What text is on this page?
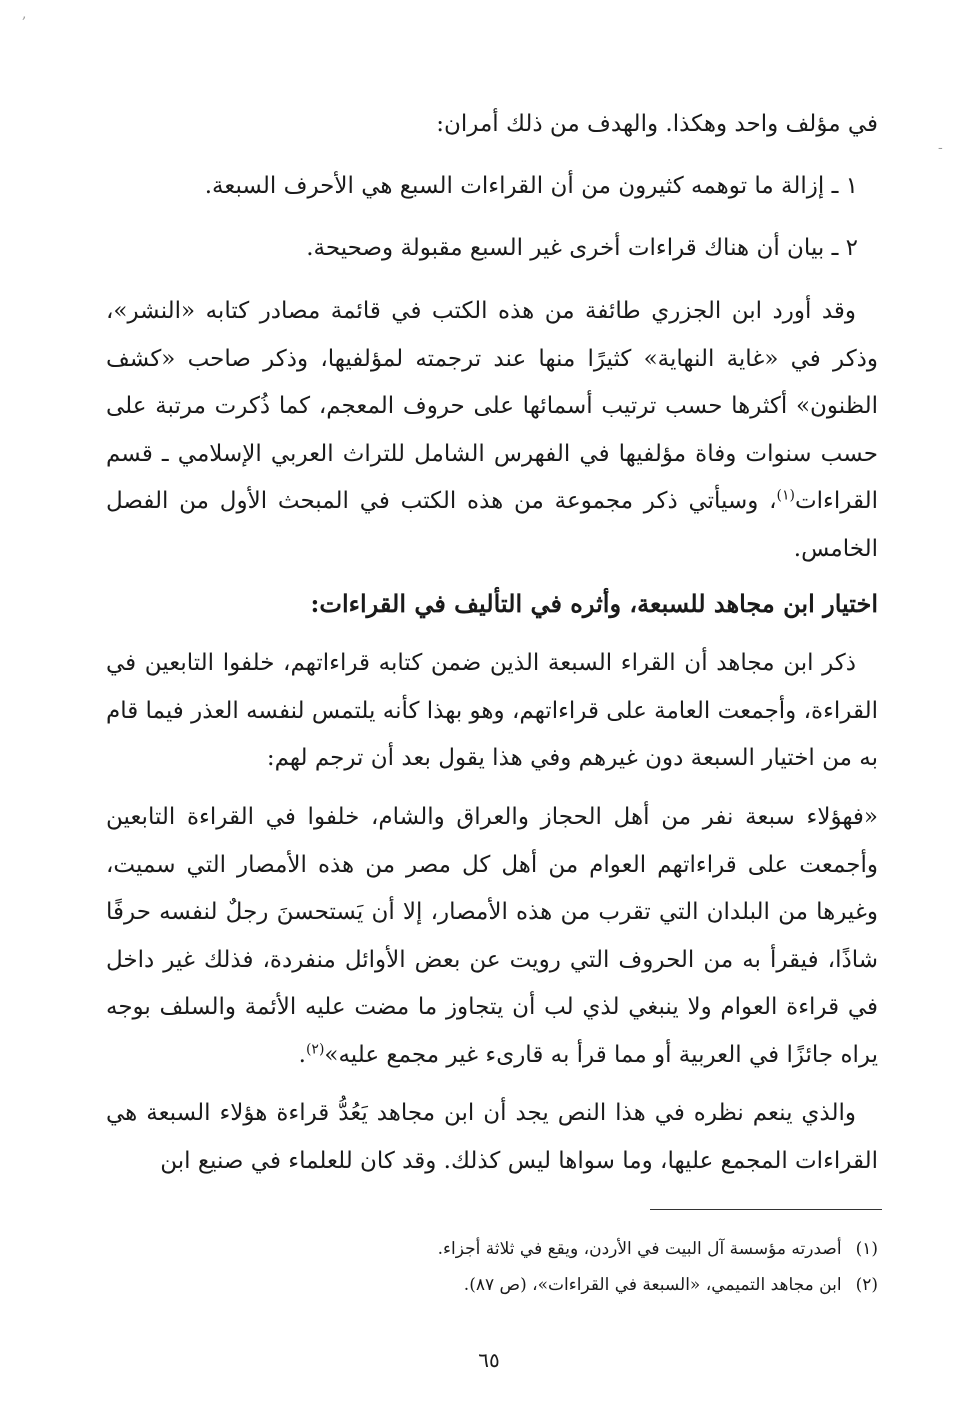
,
-

في مؤلف واحد وهكذا. والهدف من ذلك أمران:

١ ـ إزالة ما توهمه كثيرون من أن القراءات السبع هي الأحرف السبعة.

٢ ـ بيان أن هناك قراءات أخرى غير السبع مقبولة وصحيحة.

وقد أورد ابن الجزري طائفة من هذه الكتب في قائمة مصادر كتابه «النشر»، وذكر في «غاية النهاية» كثيرًا منها عند ترجمته لمؤلفيها، وذكر صاحب «كشف الظنون» أكثرها حسب ترتيب أسمائها على حروف المعجم، كما ذُكرت مرتبة على حسب سنوات وفاة مؤلفيها في الفهرس الشامل للتراث العربي الإسلامي ـ قسم القراءات$^{(١)}$، وسيأتي ذكر مجموعة من هذه الكتب في المبحث الأول من الفصل الخامس.

اختيار ابن مجاهد للسبعة، وأثره في التأليف في القراءات:

ذكر ابن مجاهد أن القراء السبعة الذين ضمن كتابه قراءاتهم، خلفوا التابعين في القراءة، وأجمعت العامة على قراءاتهم، وهو بهذا كأنه يلتمس لنفسه العذر فيما قام به من اختيار السبعة دون غيرهم وفي هذا يقول بعد أن ترجم لهم:

«فهؤلاء سبعة نفر من أهل الحجاز والعراق والشام، خلفوا في القراءة التابعين وأجمعت على قراءاتهم العوام من أهل كل مصر من هذه الأمصار التي سميت، وغيرها من البلدان التي تقرب من هذه الأمصار، إلا أن يَستحسنَ رجلٌ لنفسه حرفًا شاذًا، فيقرأ به من الحروف التي رويت عن بعض الأوائل منفردة، فذلك غير داخل في قراءة العوام ولا ينبغي لذي لب أن يتجاوز ما مضت عليه الأئمة والسلف بوجه يراه جائزًا في العربية أو مما قرأ به قارىء غير مجمع عليه»$^{(٢)}$.

والذي ينعم نظره في هذا النص يجد أن ابن مجاهد يَعُدُّ قراءة هؤلاء السبعة هي القراءات المجمع عليها، وما سواها ليس كذلك. وقد كان للعلماء في صنيع ابن

(١)أصدرته مؤسسة آل البيت في الأردن، ويقع في ثلاثة أجزاء.

(٢)ابن مجاهد التميمي، «السبعة في القراءات»، (ص ٨٧).

٦٥
